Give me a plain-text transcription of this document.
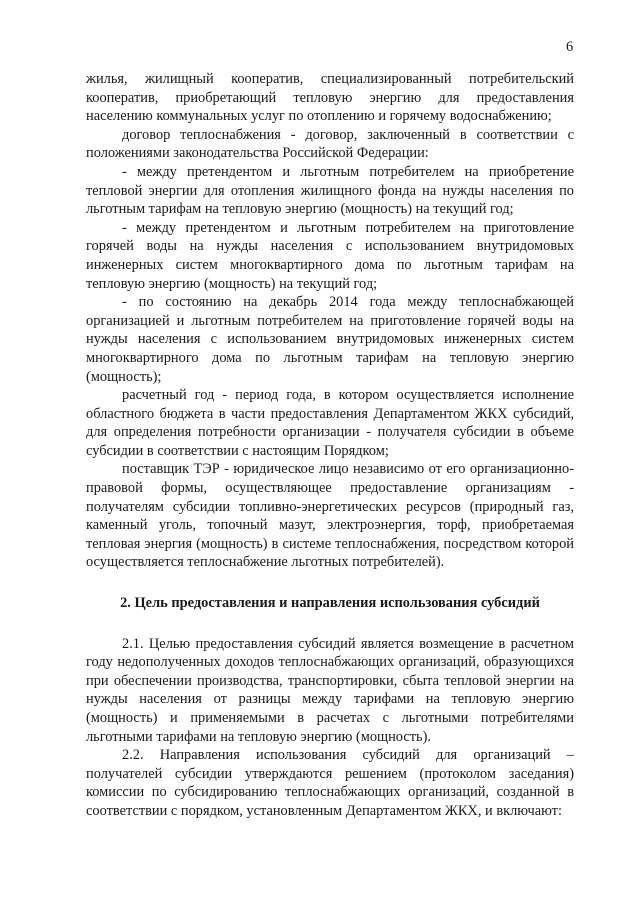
6

жилья, жилищный кооператив, специализированный потребительский кооператив, приобретающий тепловую энергию для предоставления населению коммунальных услуг по отоплению и горячему водоснабжению;

договор теплоснабжения - договор, заключенный в соответствии с положениями законодательства Российской Федерации:

- между претендентом и льготным потребителем на приобретение тепловой энергии для отопления жилищного фонда на нужды населения по льготным тарифам на тепловую энергию (мощность) на текущий год;

- между претендентом и льготным потребителем на приготовление горячей воды на нужды населения с использованием внутридомовых инженерных систем многоквартирного дома по льготным тарифам на тепловую энергию (мощность) на текущий год;

- по состоянию на декабрь 2014 года между теплоснабжающей организацией и льготным потребителем на приготовление горячей воды на нужды населения с использованием внутридомовых инженерных систем многоквартирного дома по льготным тарифам на тепловую энергию (мощность);

расчетный год - период года, в котором осуществляется исполнение областного бюджета в части предоставления Департаментом ЖКХ субсидий, для определения потребности организации - получателя субсидии в объеме субсидии в соответствии с настоящим Порядком;

поставщик ТЭР - юридическое лицо независимо от его организационно-правовой формы, осуществляющее предоставление организациям - получателям субсидии топливно-энергетических ресурсов (природный газ, каменный уголь, топочный мазут, электроэнергия, торф, приобретаемая тепловая энергия (мощность) в системе теплоснабжения, посредством которой осуществляется теплоснабжение льготных потребителей).

2. Цель предоставления и направления использования субсидий

2.1. Целью предоставления субсидий является возмещение в расчетном году недополученных доходов теплоснабжающих организаций, образующихся при обеспечении производства, транспортировки, сбыта тепловой энергии на нужды населения от разницы между тарифами на тепловую энергию (мощность) и применяемыми в расчетах с льготными потребителями льготными тарифами на тепловую энергию (мощность).

2.2. Направления использования субсидий для организаций – получателей субсидии утверждаются решением (протоколом заседания) комиссии по субсидированию теплоснабжающих организаций, созданной в соответствии с порядком, установленным Департаментом ЖКХ, и включают:
